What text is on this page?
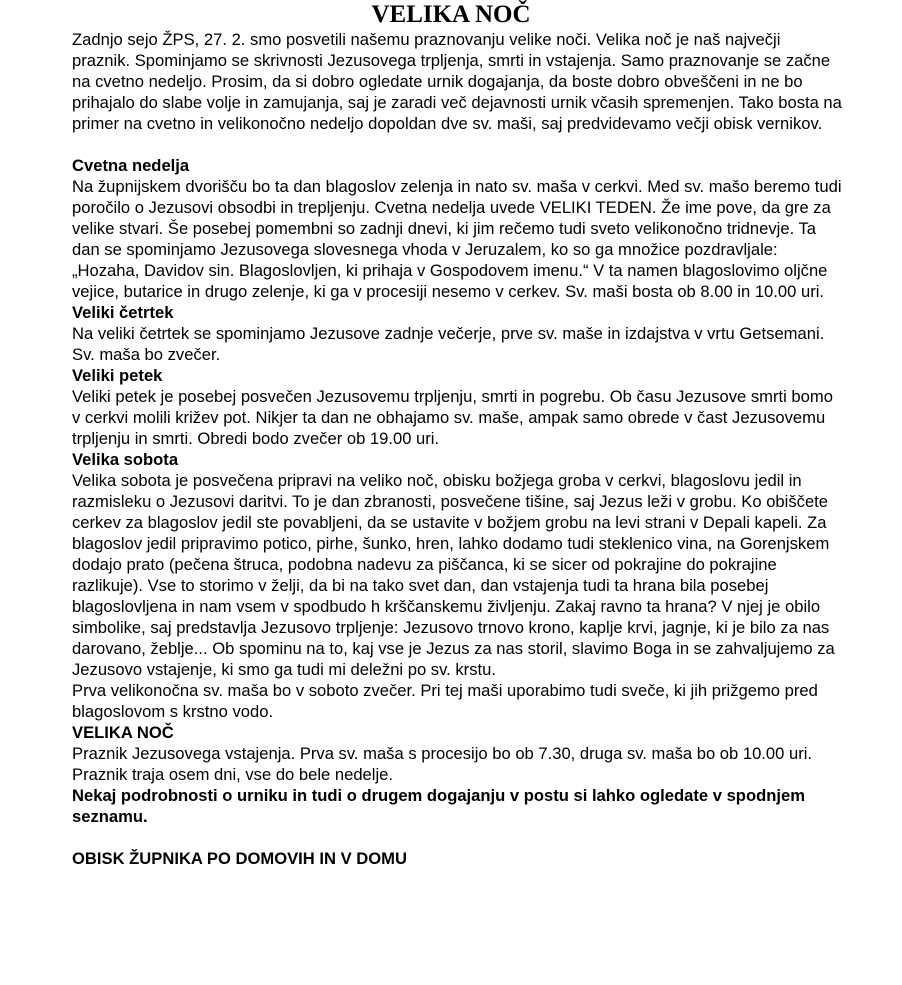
VELIKA NOČ

Zadnjo sejo ŽPS, 27. 2. smo posvetili našemu praznovanju velike noči. Velika noč je naš največji praznik. Spominjamo se skrivnosti Jezusovega trpljenja, smrti in vstajenja. Samo praznovanje se začne na cvetno nedeljo. Prosim, da si dobro ogledate urnik dogajanja, da boste dobro obveščeni in ne bo prihajalo do slabe volje in zamujanja, saj je zaradi več dejavnosti urnik včasih spremenjen. Tako bosta na primer na cvetno in velikonočno nedeljo dopoldan dve sv. maši, saj predvidevamo večji obisk vernikov.

Cvetna nedelja

Na župnijskem dvorišču bo ta dan blagoslov zelenja in nato sv. maša v cerkvi. Med sv. mašo beremo tudi poročilo o Jezusovi obsodbi in trepljenju. Cvetna nedelja uvede VELIKI TEDEN. Že ime pove, da gre za velike stvari. Še posebej pomembni so zadnji dnevi, ki jim rečemo tudi sveto velikonočno tridnevje. Ta dan se spominjamo Jezusovega slovesnega vhoda v Jeruzalem, ko so ga množice pozdravljale: „Hozaha, Davidov sin. Blagoslovljen, ki prihaja v Gospodovem imenu.“ V ta namen blagoslovimo oljčne vejice, butarice in drugo zelenje, ki ga v procesiji nesemo v cerkev. Sv. maši bosta ob 8.00 in 10.00 uri.

Veliki četrtek

Na veliki četrtek se spominjamo Jezusove zadnje večerje, prve sv. maše in izdajstva v vrtu Getsemani. Sv. maša bo zvečer.

Veliki petek

Veliki petek je posebej posvečen Jezusovemu trpljenju, smrti in pogrebu. Ob času Jezusove smrti bomo v cerkvi molili križev pot. Nikjer ta dan ne obhajamo sv. maše, ampak samo obrede v čast Jezusovemu trpljenju in smrti. Obredi bodo zvečer ob 19.00 uri.

Velika sobota

Velika sobota je posvečena pripravi na veliko noč, obisku božjega groba v cerkvi, blagoslovu jedil in razmisleku o Jezusovi daritvi. To je dan zbranosti, posvečene tišine, saj Jezus leži v grobu. Ko obiščete cerkev za blagoslov jedil ste povabljeni, da se ustavite v božjem grobu na levi strani v Depali kapeli. Za blagoslov jedil pripravimo potico, pirhe, šunko, hren, lahko dodamo tudi steklenico vina, na Gorenjskem dodajo prato (pečena štruca, podobna nadevu za piščanca, ki se sicer od pokrajine do pokrajine razlikuje). Vse to storimo v želji, da bi na tako svet dan, dan vstajenja tudi ta hrana bila posebej blagoslovljena in nam vsem v spodbudo h krščanskemu življenju. Zakaj ravno ta hrana? V njej je obilo simbolike, saj predstavlja Jezusovo trpljenje: Jezusovo trnovo krono, kaplje krvi, jagnje, ki je bilo za nas darovano, žeblje... Ob spominu na to, kaj vse je Jezus za nas storil, slavimo Boga in se zahvaljujemo za Jezusovo vstajenje, ki smo ga tudi mi deležni po sv. krstu.

Prva velikonočna sv. maša bo v soboto zvečer. Pri tej maši uporabimo tudi sveče, ki jih prižgemo pred blagoslovom s krstno vodo.

VELIKA NOČ

Praznik Jezusovega vstajenja. Prva sv. maša s procesijo bo ob 7.30, druga sv. maša bo ob 10.00 uri. Praznik traja osem dni, vse do bele nedelje.

Nekaj podrobnosti o urniku in tudi o drugem dogajanju v postu si lahko ogledate v spodnjem seznamu.

OBISK ŽUPNIKA PO DOMOVIH IN V DOMU
